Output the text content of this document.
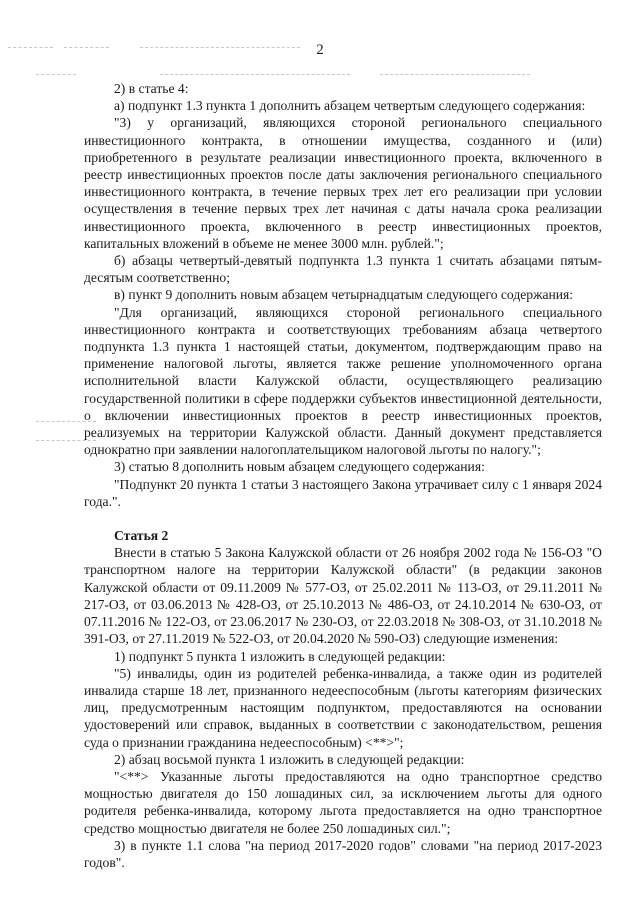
2

2) в статье 4:

а) подпункт 1.3 пункта 1 дополнить абзацем четвертым следующего содержания:

"3) у организаций, являющихся стороной регионального специального инвестиционного контракта, в отношении имущества, созданного и (или) приобретенного в результате реализации инвестиционного проекта, включенного в реестр инвестиционных проектов после даты заключения регионального специального инвестиционного контракта, в течение первых трех лет его реализации при условии осуществления в течение первых трех лет начиная с даты начала срока реализации инвестиционного проекта, включенного в реестр инвестиционных проектов, капитальных вложений в объеме не менее 3000 млн. рублей.";

б) абзацы четвертый-девятый подпункта 1.3 пункта 1 считать абзацами пятым-десятым соответственно;

в) пункт 9 дополнить новым абзацем четырнадцатым следующего содержания:

"Для организаций, являющихся стороной регионального специального инвестиционного контракта и соответствующих требованиям абзаца четвертого подпункта 1.3 пункта 1 настоящей статьи, документом, подтверждающим право на применение налоговой льготы, является также решение уполномоченного органа исполнительной власти Калужской области, осуществляющего реализацию государственной политики в сфере поддержки субъектов инвестиционной деятельности, о включении инвестиционных проектов в реестр инвестиционных проектов, реализуемых на территории Калужской области. Данный документ представляется однократно при заявлении налогоплательщиком налоговой льготы по налогу.";

3) статью 8 дополнить новым абзацем следующего содержания:

"Подпункт 20 пункта 1 статьи 3 настоящего Закона утрачивает силу с 1 января 2024 года.".

Статья 2

Внести в статью 5 Закона Калужской области от 26 ноября 2002 года № 156-ОЗ "О транспортном налоге на территории Калужской области" (в редакции законов Калужской области от 09.11.2009 № 577-ОЗ, от 25.02.2011 № 113-ОЗ, от 29.11.2011 № 217-ОЗ, от 03.06.2013 № 428-ОЗ, от 25.10.2013 № 486-ОЗ, от 24.10.2014 № 630-ОЗ, от 07.11.2016 № 122-ОЗ, от 23.06.2017 № 230-ОЗ, от 22.03.2018 № 308-ОЗ, от 31.10.2018 № 391-ОЗ, от 27.11.2019 № 522-ОЗ, от 20.04.2020 № 590-ОЗ) следующие изменения:

1) подпункт 5 пункта 1 изложить в следующей редакции:

"5) инвалиды, один из родителей ребенка-инвалида, а также один из родителей инвалида старше 18 лет, признанного недееспособным (льготы категориям физических лиц, предусмотренным настоящим подпунктом, предоставляются на основании удостоверений или справок, выданных в соответствии с законодательством, решения суда о признании гражданина недееспособным) <**>";

2) абзац восьмой пункта 1 изложить в следующей редакции:

"<**> Указанные льготы предоставляются на одно транспортное средство мощностью двигателя до 150 лошадиных сил, за исключением льготы для одного родителя ребенка-инвалида, которому льгота предоставляется на одно транспортное средство мощностью двигателя не более 250 лошадиных сил.";

3) в пункте 1.1 слова "на период 2017-2020 годов" словами "на период 2017-2023 годов".
